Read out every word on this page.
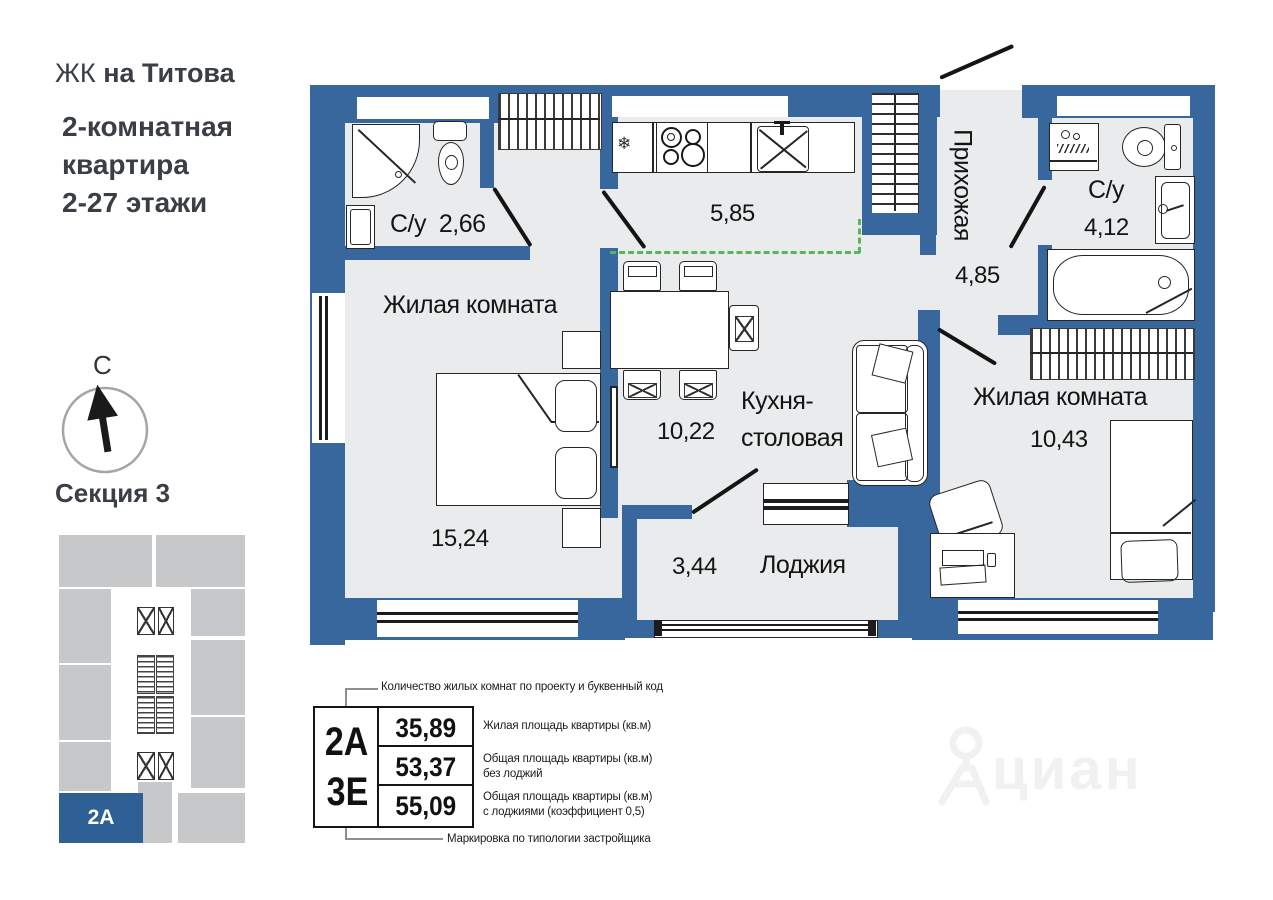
ЖК на Титова
2-комнатная
квартира
2-27 этажи
С
Секция 3
2А
❄
С/у 2,66
Жилая комната
15,24
5,85
10,22
Кухня-
столовая
3,44 Лоджия
Прихожая
4,85
С/у
4,12
Жилая комната
10,43
Количество жилых комнат по проекту и буквенный код
Маркировка по типологии застройщика
2А
3Е
35,89
53,37
55,09
Жилая площадь квартиры (кв.м)
Общая площадь квартиры (кв.м)
без лоджий
Общая площадь квартиры (кв.м)
с лоджиями (коэффициент 0,5)
циан
